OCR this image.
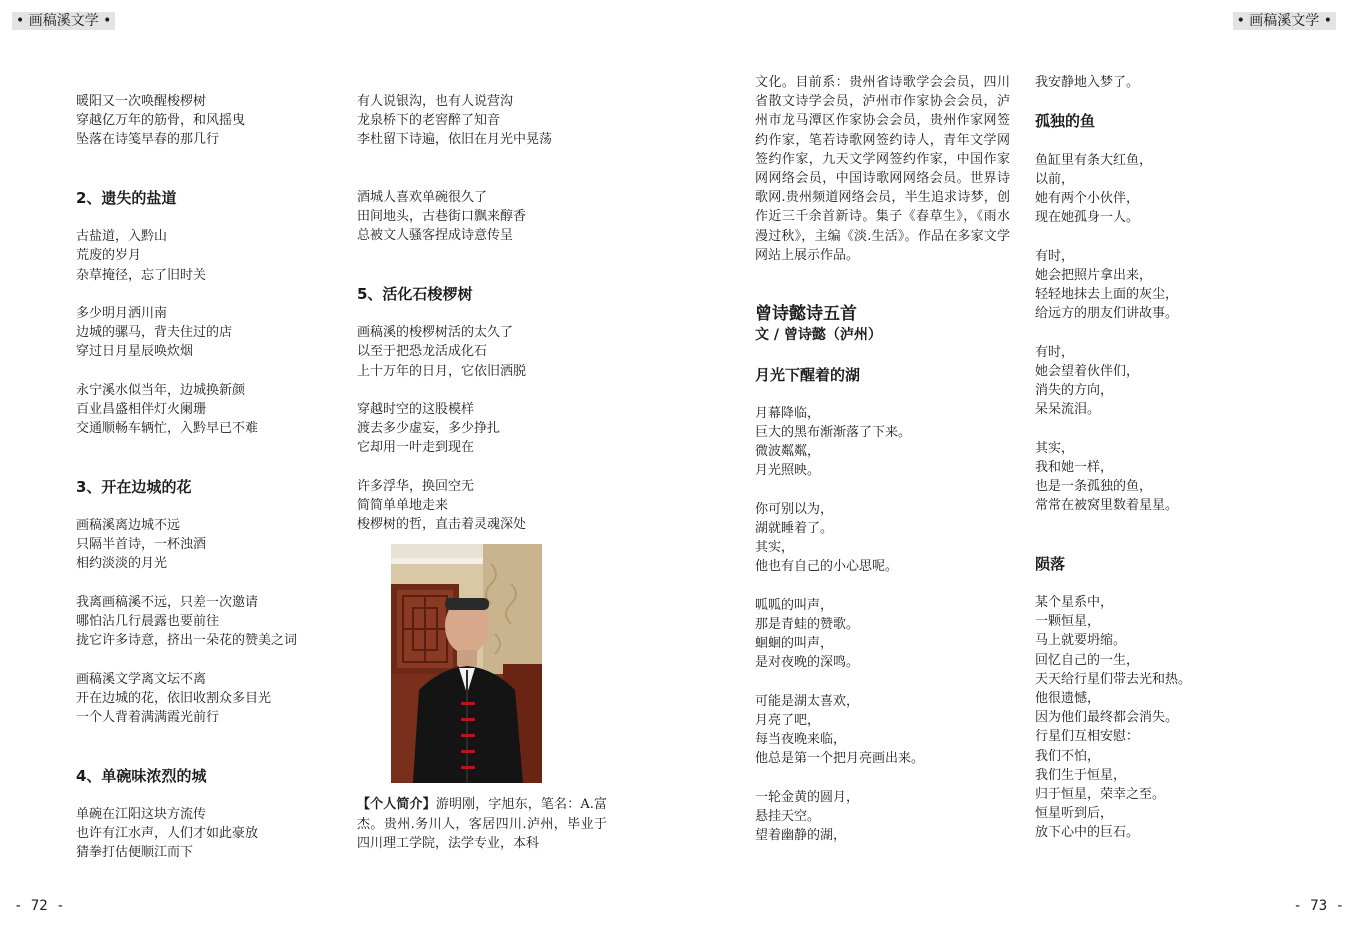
• 画稿溪文学 •	• 画稿溪文学 •
暖阳又一次唤醒梭椤树
穿越亿万年的筋骨，和风摇曳
坠落在诗笺早春的那几行
2、遗失的盐道
古盐道，入黔山
荒废的岁月
杂草掩径，忘了旧时关
多少明月洒川南
边城的骡马，背夫住过的店
穿过日月星辰唤炊烟
永宁溪水似当年，边城换新颜
百业昌盛相伴灯火阑珊
交通顺畅车辆忙，入黔早已不难
3、开在边城的花
画稿溪离边城不远
只隔半首诗，一杯浊酒
相约淡淡的月光
我离画稿溪不远，只差一次邀请
哪怕沾几行晨露也要前往
拢它许多诗意，挤出一朵花的赞美之词
画稿溪文学离文坛不离
开在边城的花，依旧收割众多目光
一个人背着满满霞光前行
4、单碗味浓烈的城
单碗在江阳这块方流传
也许有江水声，人们才如此豪放
猜拳打估便顺江而下
有人说银沟，也有人说营沟
龙泉桥下的老窖醉了知音
李杜留下诗遍，依旧在月光中晃荡
酒城人喜欢单碗很久了
田间地头，古巷街口飘来醇香
总被文人骚客捏成诗意传呈
5、活化石梭椤树
画稿溪的梭椤树活的太久了
以至于把恐龙活成化石
上十万年的日月，它依旧洒脱
穿越时空的这股模样
渡去多少虚妄，多少挣扎
它却用一叶走到现在
许多浮华，换回空无
简简单单地走来
梭椤树的哲，直击着灵魂深处
【个人简介】游明刚，字旭东，笔名：A.富杰。贵州.务川人，客居四川.泸州，毕业于四川理工学院，法学专业，本科
文化。目前系：贵州省诗歌学会会员，四川省散文诗学会员，泸州市作家协会会员，泸州市龙马潭区作家协会会员，贵州作家网签约作家，笔若诗歌网签约诗人，青年文学网签约作家，九天文学网签约作家，中国作家网网络会员，中国诗歌网网络会员。世界诗歌网.贵州频道网络会员，半生追求诗梦，创作近三千余首新诗。集子《春草生》，《雨水漫过秋》，主编《淡.生活》。作品在多家文学网站上展示作品。
曾诗懿诗五首
文 / 曾诗懿（泸州）
月光下醒着的湖
月幕降临，
巨大的黑布渐渐落了下来。
微波粼粼，
月光照映。
你可别以为，
湖就睡着了。
其实，
他也有自己的小心思呢。
呱呱的叫声，
那是青蛙的赞歌。
蛔蛔的叫声，
是对夜晚的深鸣。
可能是湖太喜欢，
月亮了吧，
每当夜晚来临，
他总是第一个把月亮画出来。
一轮金黄的圆月，
悬挂天空。
望着幽静的湖，
我安静地入梦了。
孤独的鱼
鱼缸里有条大红鱼，
以前，
她有两个小伙伴，
现在她孤身一人。
有时，
她会把照片拿出来，
轻轻地抹去上面的灰尘，
给远方的朋友们讲故事。
有时，
她会望着伙伴们，
消失的方向，
呆呆流泪。
其实，
我和她一样，
也是一条孤独的鱼，
常常在被窝里数着星星。
陨落
某个星系中，
一颗恒星，
马上就要坍缩。
回忆自己的一生，
天天给行星们带去光和热。
他很遗憾，
因为他们最终都会消失。
行星们互相安慰：
我们不怕，
我们生于恒星，
归于恒星，荣幸之至。
恒星听到后，
放下心中的巨石。
- 72 -	- 73 -
